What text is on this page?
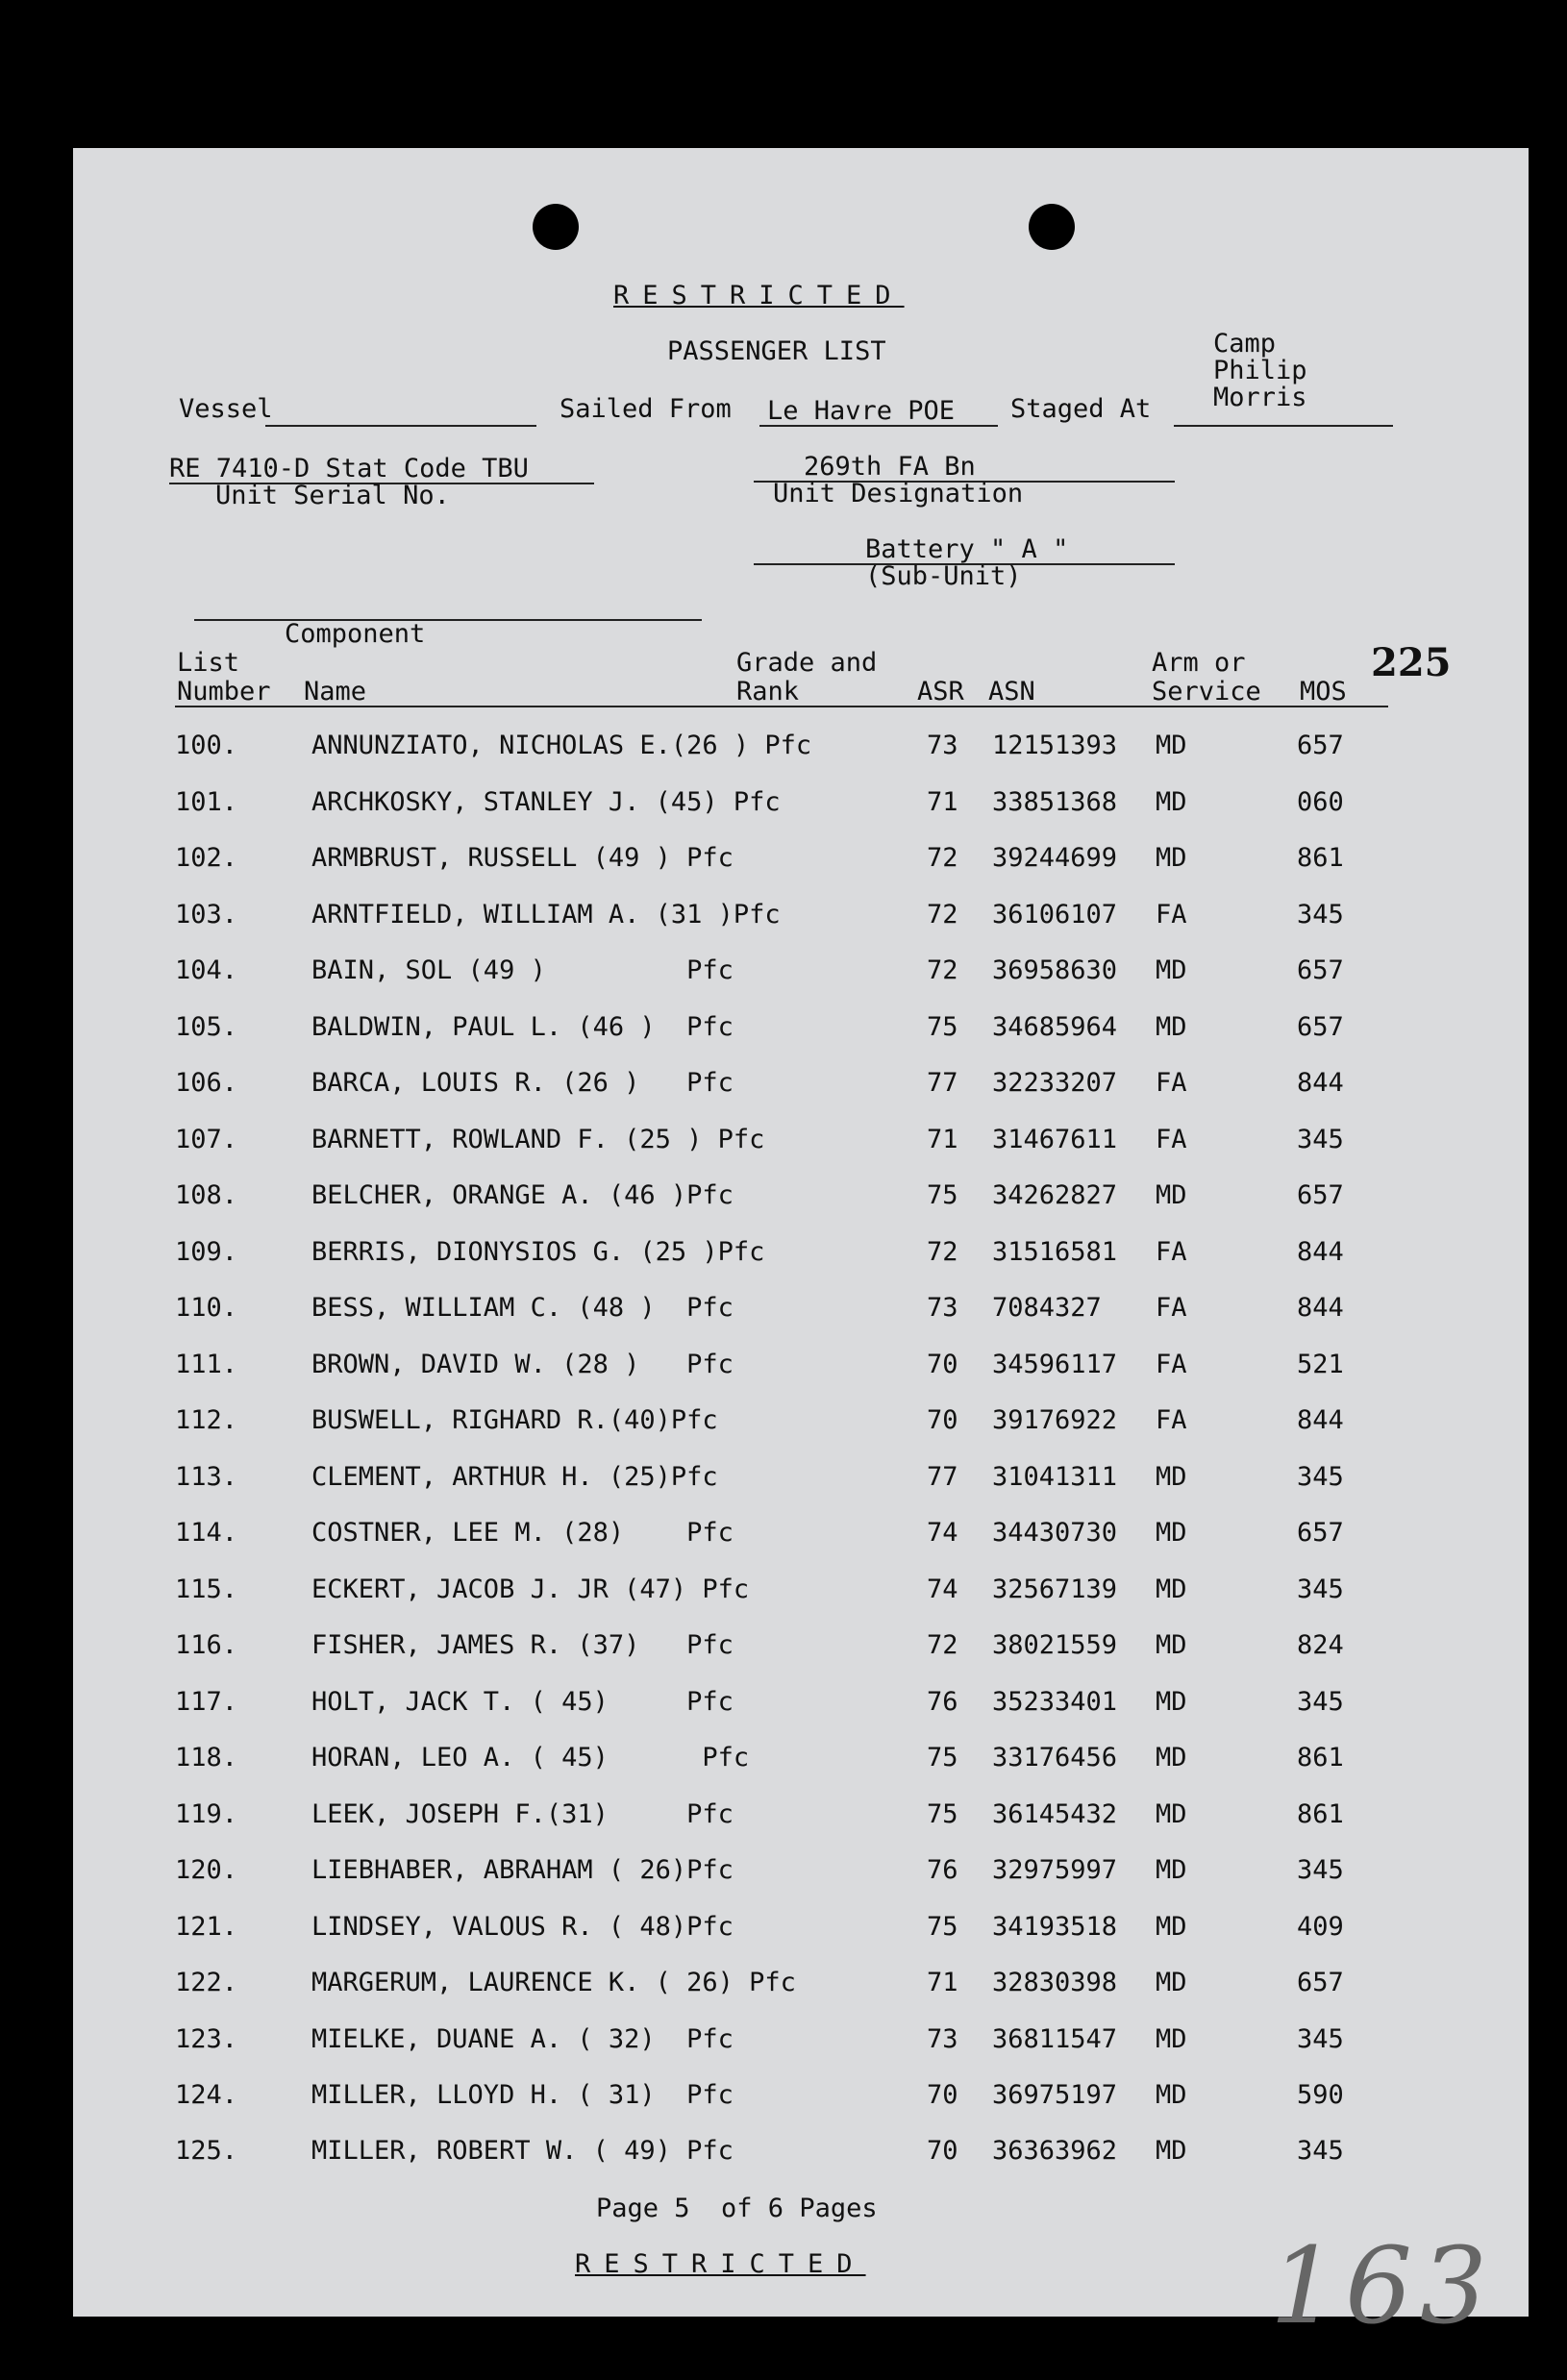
RESTRICTED
PASSENGER LIST
Vessel	Sailed From Le Havre POE Staged At
Camp
Philip
Morris
RE 7410-D Stat Code TBU
Unit Serial No.
269th FA Bn
Unit Designation
Battery " A "
(Sub-Unit)
225
Component
List
Number Name
Grade and
Rank	ASR ASN
Arm or
Service MOS
100.	ANNUNZIATO, NICHOLAS E.(26 ) Pfc	73 12151393 MD	657
101.	ARCHKOSKY, STANLEY J. (45) Pfc	71 33851368 MD	060
102.	ARMBRUST, RUSSELL (49 ) Pfc	72 39244699 MD	861
103.	ARNTFIELD, WILLIAM A. (31 )Pfc	72 36106107 FA	345
104.	BAIN, SOL (49 )         Pfc	72 36958630 MD	657
105.	BALDWIN, PAUL L. (46 )  Pfc	75 34685964 MD	657
106.	BARCA, LOUIS R. (26 )   Pfc	77 32233207 FA	844
107.	BARNETT, ROWLAND F. (25 ) Pfc	71 31467611 FA	345
108.	BELCHER, ORANGE A. (46 )Pfc	75 34262827 MD	657
109.	BERRIS, DIONYSIOS G. (25 )Pfc	72 31516581 FA	844
110.	BESS, WILLIAM C. (48 )  Pfc	73 7084327 FA	844
111.	BROWN, DAVID W. (28 )   Pfc	70 34596117 FA	521
112.	BUSWELL, RIGHARD R.(40)Pfc	70 39176922 FA	844
113.	CLEMENT, ARTHUR H. (25)Pfc	77 31041311 MD	345
114.	COSTNER, LEE M. (28)    Pfc	74 34430730 MD	657
115.	ECKERT, JACOB J. JR (47) Pfc	74 32567139 MD	345
116.	FISHER, JAMES R. (37)   Pfc	72 38021559 MD	824
117.	HOLT, JACK T. ( 45)     Pfc	76 35233401 MD	345
118.	HORAN, LEO A. ( 45)      Pfc	75 33176456 MD	861
119.	LEEK, JOSEPH F.(31)     Pfc	75 36145432 MD	861
120.	LIEBHABER, ABRAHAM ( 26)Pfc	76 32975997 MD	345
121.	LINDSEY, VALOUS R. ( 48)Pfc	75 34193518 MD	409
122.	MARGERUM, LAURENCE K. ( 26) Pfc	71 32830398 MD	657
123.	MIELKE, DUANE A. ( 32)  Pfc	73 36811547 MD	345
124.	MILLER, LLOYD H. ( 31)  Pfc	70 36975197 MD	590
125.	MILLER, ROBERT W. ( 49) Pfc	70 36363962 MD	345
Page 5  of 6 Pages
RESTRICTED	163
